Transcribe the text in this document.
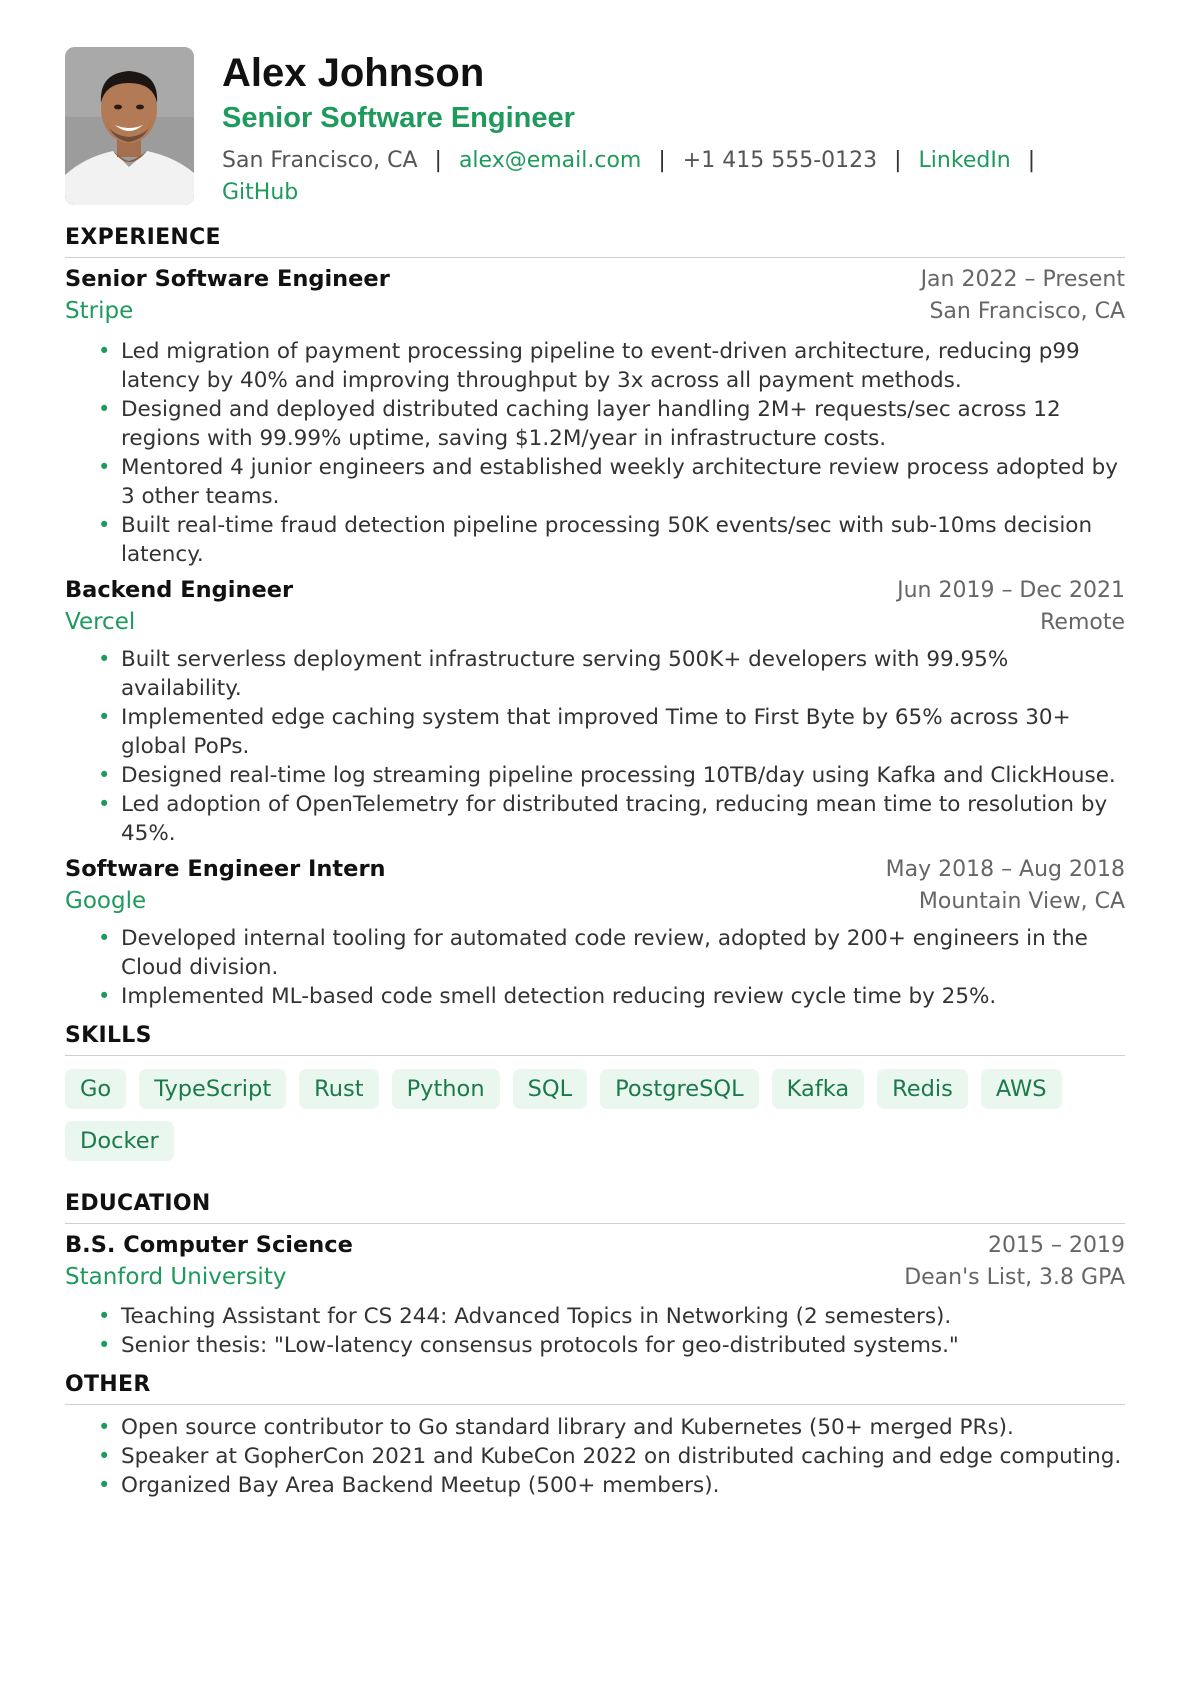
Alex Johnson
Senior Software Engineer
San Francisco, CA | alex@email.com | +1 415 555-0123 | LinkedIn |
GitHub
EXPERIENCE
Senior Software Engineer	Jan 2022 – Present
Stripe	San Francisco, CA
• Led migration of payment processing pipeline to event-driven architecture, reducing p99 latency by 40% and improving throughput by 3x across all payment methods.
• Designed and deployed distributed caching layer handling 2M+ requests/sec across 12 regions with 99.99% uptime, saving $1.2M/year in infrastructure costs.
• Mentored 4 junior engineers and established weekly architecture review process adopted by 3 other teams.
• Built real-time fraud detection pipeline processing 50K events/sec with sub-10ms decision latency.
Backend Engineer	Jun 2019 – Dec 2021
Vercel	Remote
• Built serverless deployment infrastructure serving 500K+ developers with 99.95% availability.
• Implemented edge caching system that improved Time to First Byte by 65% across 30+ global PoPs.
• Designed real-time log streaming pipeline processing 10TB/day using Kafka and ClickHouse.
• Led adoption of OpenTelemetry for distributed tracing, reducing mean time to resolution by 45%.
Software Engineer Intern	May 2018 – Aug 2018
Google	Mountain View, CA
• Developed internal tooling for automated code review, adopted by 200+ engineers in the Cloud division.
• Implemented ML-based code smell detection reducing review cycle time by 25%.
SKILLS
Go	TypeScript	Rust	Python	SQL	PostgreSQL	Kafka	Redis	AWS
Docker
EDUCATION
B.S. Computer Science	2015 – 2019
Stanford University	Dean's List, 3.8 GPA
• Teaching Assistant for CS 244: Advanced Topics in Networking (2 semesters).
• Senior thesis: "Low-latency consensus protocols for geo-distributed systems."
OTHER
• Open source contributor to Go standard library and Kubernetes (50+ merged PRs).
• Speaker at GopherCon 2021 and KubeCon 2022 on distributed caching and edge computing.
• Organized Bay Area Backend Meetup (500+ members).
